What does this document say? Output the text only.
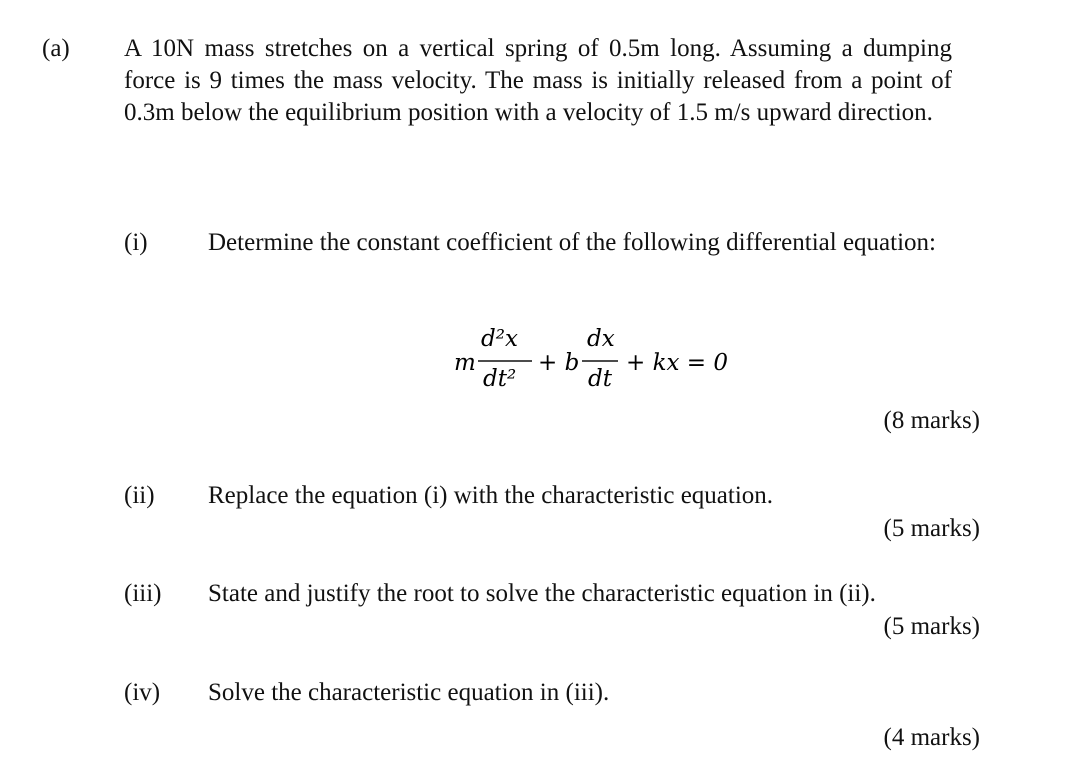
(a) A 10N mass stretches on a vertical spring of 0.5m long. Assuming a dumping force is 9 times the mass velocity. The mass is initially released from a point of 0.3m below the equilibrium position with a velocity of 1.5 m/s upward direction.
(i) Determine the constant coefficient of the following differential equation:
m
d²x
dt²
+ b
dx
dt
+ kx = 0
(8 marks)
(ii) Replace the equation (i) with the characteristic equation.
(5 marks)
(iii) State and justify the root to solve the characteristic equation in (ii).
(5 marks)
(iv) Solve the characteristic equation in (iii).
(4 marks)
